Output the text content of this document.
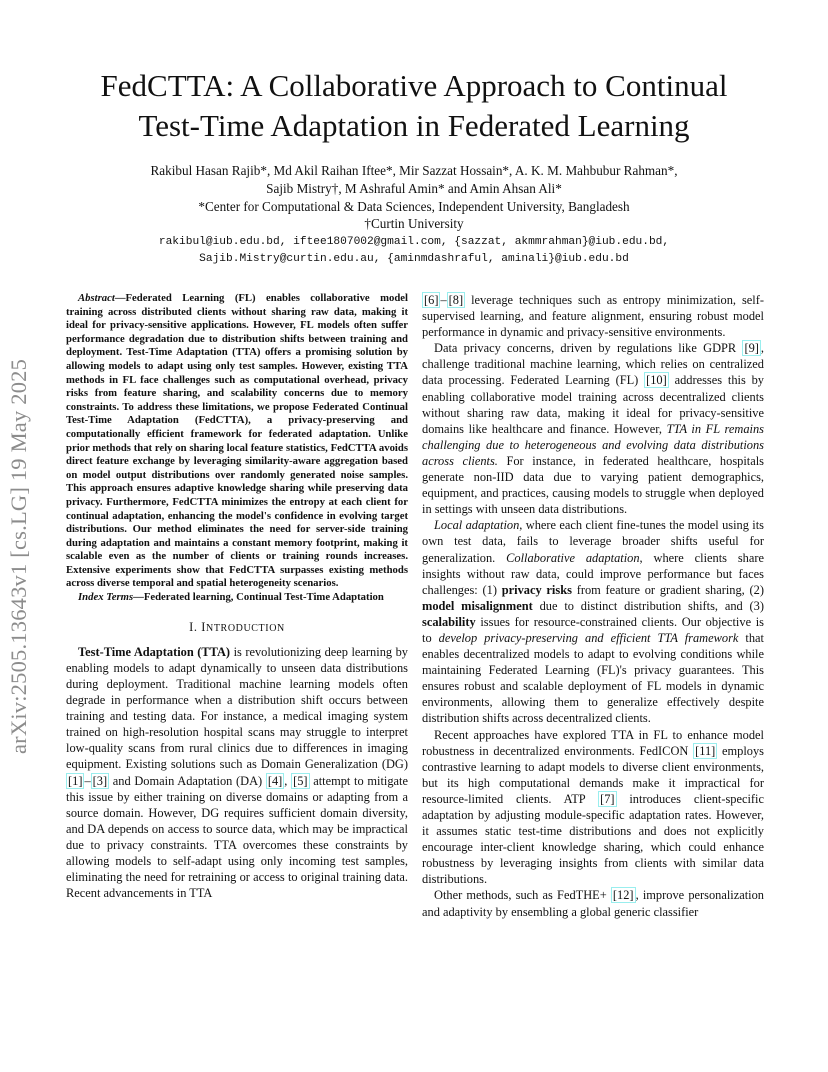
FedCTTA: A Collaborative Approach to Continual
Test-Time Adaptation in Federated Learning
Rakibul Hasan Rajib*, Md Akil Raihan Iftee*, Mir Sazzat Hossain*, A. K. M. Mahbubur Rahman*,
Sajib Mistry†, M Ashraful Amin* and Amin Ahsan Ali*
*Center for Computational & Data Sciences, Independent University, Bangladesh
†Curtin University
rakibul@iub.edu.bd, iftee1807002@gmail.com, {sazzat, akmmrahman}@iub.edu.bd,
Sajib.Mistry@curtin.edu.au, {aminmdashraful, aminali}@iub.edu.bd
arXiv:2505.13643v1 [cs.LG] 19 May 2025

Abstract—Federated Learning (FL) enables collaborative model training across distributed clients without sharing raw data, making it ideal for privacy-sensitive applications. However, FL models often suffer performance degradation due to distribution shifts between training and deployment. Test-Time Adaptation (TTA) offers a promising solution by allowing models to adapt using only test samples. However, existing TTA methods in FL face challenges such as computational overhead, privacy risks from feature sharing, and scalability concerns due to memory constraints. To address these limitations, we propose Federated Continual Test-Time Adaptation (FedCTTA), a privacy-preserving and computationally efficient framework for federated adaptation. Unlike prior methods that rely on sharing local feature statistics, FedCTTA avoids direct feature exchange by leveraging similarity-aware aggregation based on model output distributions over randomly generated noise samples. This approach ensures adaptive knowledge sharing while preserving data privacy. Furthermore, FedCTTA minimizes the entropy at each client for continual adaptation, enhancing the model's confidence in evolving target distributions. Our method eliminates the need for server-side training during adaptation and maintains a constant memory footprint, making it scalable even as the number of clients or training rounds increases. Extensive experiments show that FedCTTA surpasses existing methods across diverse temporal and spatial heterogeneity scenarios.

Index Terms—Federated learning, Continual Test-Time Adaptation

I. INTRODUCTION

Test-Time Adaptation (TTA) is revolutionizing deep learning by enabling models to adapt dynamically to unseen data distributions during deployment. Traditional machine learning models often degrade in performance when a distribution shift occurs between training and testing data. For instance, a medical imaging system trained on high-resolution hospital scans may struggle to interpret low-quality scans from rural clinics due to differences in imaging equipment. Existing solutions such as Domain Generalization (DG) [1] – [3] and Domain Adaptation (DA) [4] , [5] attempt to mitigate this issue by either training on diverse domains or adapting from a source domain. However, DG requires sufficient domain diversity, and DA depends on access to source data, which may be impractical due to privacy constraints. TTA overcomes these constraints by allowing models to self-adapt using only incoming test samples, eliminating the need for retraining or access to original training data. Recent advancements in TTA

[6] – [8] leverage techniques such as entropy minimization, self-supervised learning, and feature alignment, ensuring robust model performance in dynamic and privacy-sensitive environments.

Data privacy concerns, driven by regulations like GDPR [9] , challenge traditional machine learning, which relies on centralized data processing. Federated Learning (FL) [10] addresses this by enabling collaborative model training across decentralized clients without sharing raw data, making it ideal for privacy-sensitive domains like healthcare and finance. However, TTA in FL remains challenging due to heterogeneous and evolving data distributions across clients. For instance, in federated healthcare, hospitals generate non-IID data due to varying patient demographics, equipment, and practices, causing models to struggle when deployed in settings with unseen data distributions.

Local adaptation, where each client fine-tunes the model using its own test data, fails to leverage broader shifts useful for generalization. Collaborative adaptation, where clients share insights without raw data, could improve performance but faces challenges: (1) privacy risks from feature or gradient sharing, (2) model misalignment due to distinct distribution shifts, and (3) scalability issues for resource-constrained clients. Our objective is to develop privacy-preserving and efficient TTA framework that enables decentralized models to adapt to evolving conditions while maintaining Federated Learning (FL)'s privacy guarantees. This ensures robust and scalable deployment of FL models in dynamic environments, allowing them to generalize effectively despite distribution shifts across decentralized clients.

Recent approaches have explored TTA in FL to enhance model robustness in decentralized environments. FedICON [11] employs contrastive learning to adapt models to diverse client environments, but its high computational demands make it impractical for resource-limited clients. ATP [7] introduces client-specific adaptation by adjusting module-specific adaptation rates. However, it assumes static test-time distributions and does not explicitly encourage inter-client knowledge sharing, which could enhance robustness by leveraging insights from clients with similar data distributions.

Other methods, such as FedTHE+ [12] , improve personalization and adaptivity by ensembling a global generic classifier
